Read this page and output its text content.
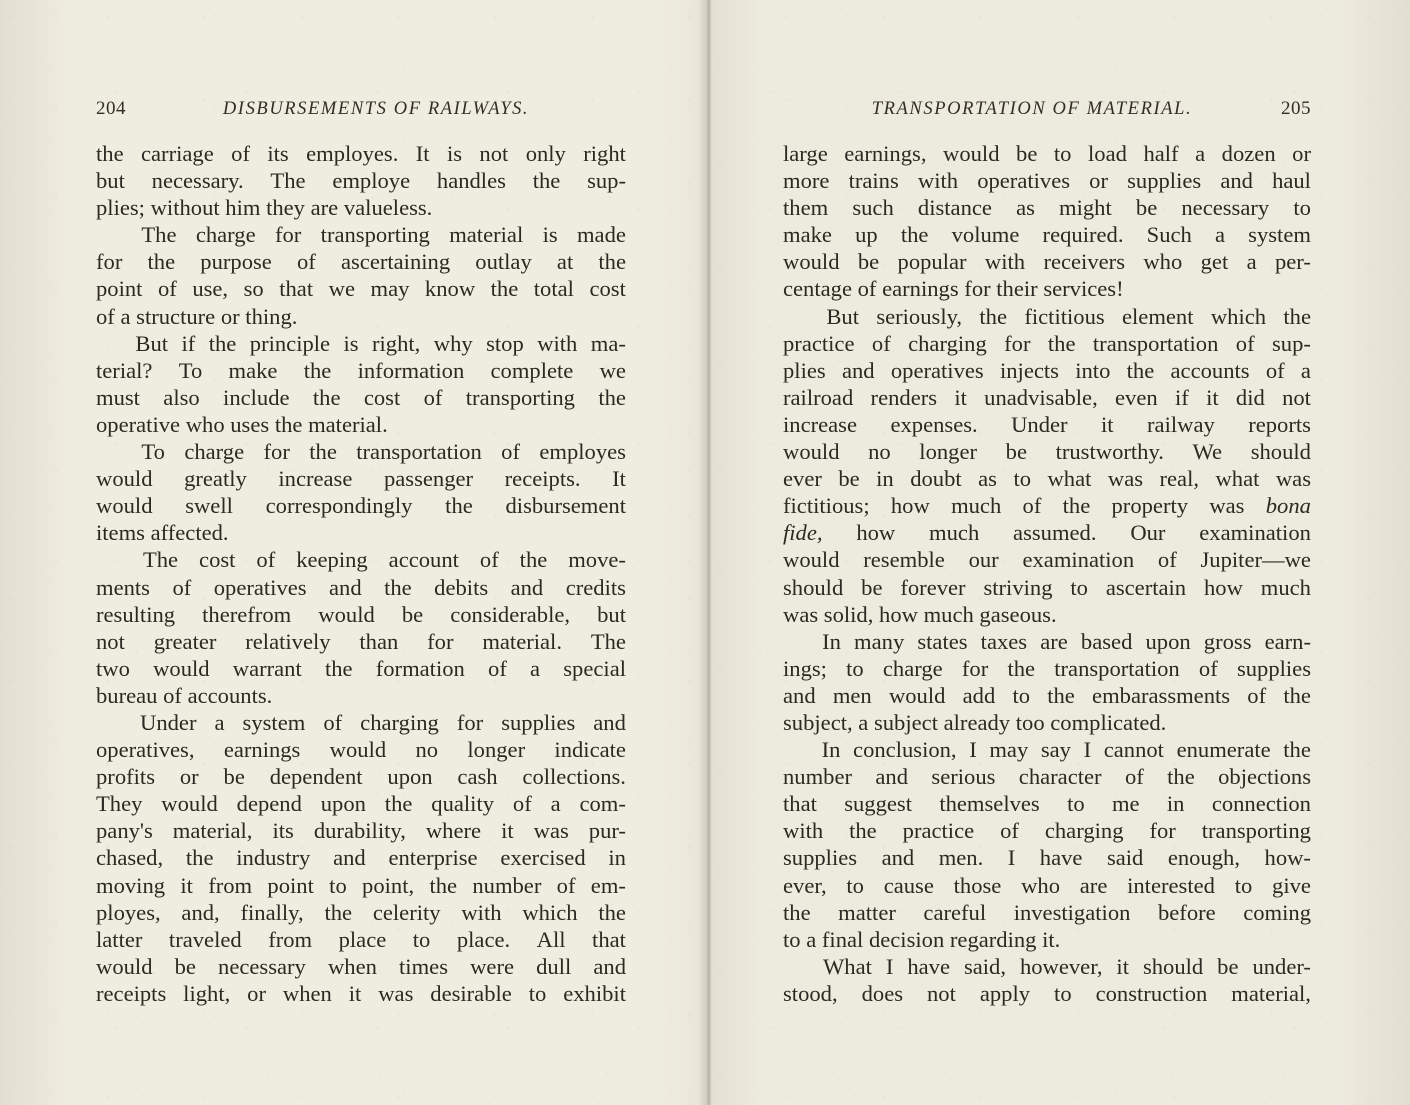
204	DISBURSEMENTS OF RAILWAYS.
the carriage of its employes. It is not only right
but necessary. The employe handles the sup-
plies; without him they are valueless.
The charge for transporting material is made
for the purpose of ascertaining outlay at the
point of use, so that we may know the total cost
of a structure or thing.
But if the principle is right, why stop with ma-
terial? To make the information complete we
must also include the cost of transporting the
operative who uses the material.
To charge for the transportation of employes
would greatly increase passenger receipts. It
would swell correspondingly the disbursement
items affected.
The cost of keeping account of the move-
ments of operatives and the debits and credits
resulting therefrom would be considerable, but
not greater relatively than for material. The
two would warrant the formation of a special
bureau of accounts.
Under a system of charging for supplies and
operatives, earnings would no longer indicate
profits or be dependent upon cash collections.
They would depend upon the quality of a com-
pany's material, its durability, where it was pur-
chased, the industry and enterprise exercised in
moving it from point to point, the number of em-
ployes, and, finally, the celerity with which the
latter traveled from place to place. All that
would be necessary when times were dull and
receipts light, or when it was desirable to exhibit
TRANSPORTATION OF MATERIAL.	205
large earnings, would be to load half a dozen or
more trains with operatives or supplies and haul
them such distance as might be necessary to
make up the volume required. Such a system
would be popular with receivers who get a per-
centage of earnings for their services!
But seriously, the fictitious element which the
practice of charging for the transportation of sup-
plies and operatives injects into the accounts of a
railroad renders it unadvisable, even if it did not
increase expenses. Under it railway reports
would no longer be trustworthy. We should
ever be in doubt as to what was real, what was
fictitious; how much of the property was bona
fide, how much assumed. Our examination
would resemble our examination of Jupiter—we
should be forever striving to ascertain how much
was solid, how much gaseous.
In many states taxes are based upon gross earn-
ings; to charge for the transportation of supplies
and men would add to the embarassments of the
subject, a subject already too complicated.
In conclusion, I may say I cannot enumerate the
number and serious character of the objections
that suggest themselves to me in connection
with the practice of charging for transporting
supplies and men. I have said enough, how-
ever, to cause those who are interested to give
the matter careful investigation before coming
to a final decision regarding it.
What I have said, however, it should be under-
stood, does not apply to construction material,
